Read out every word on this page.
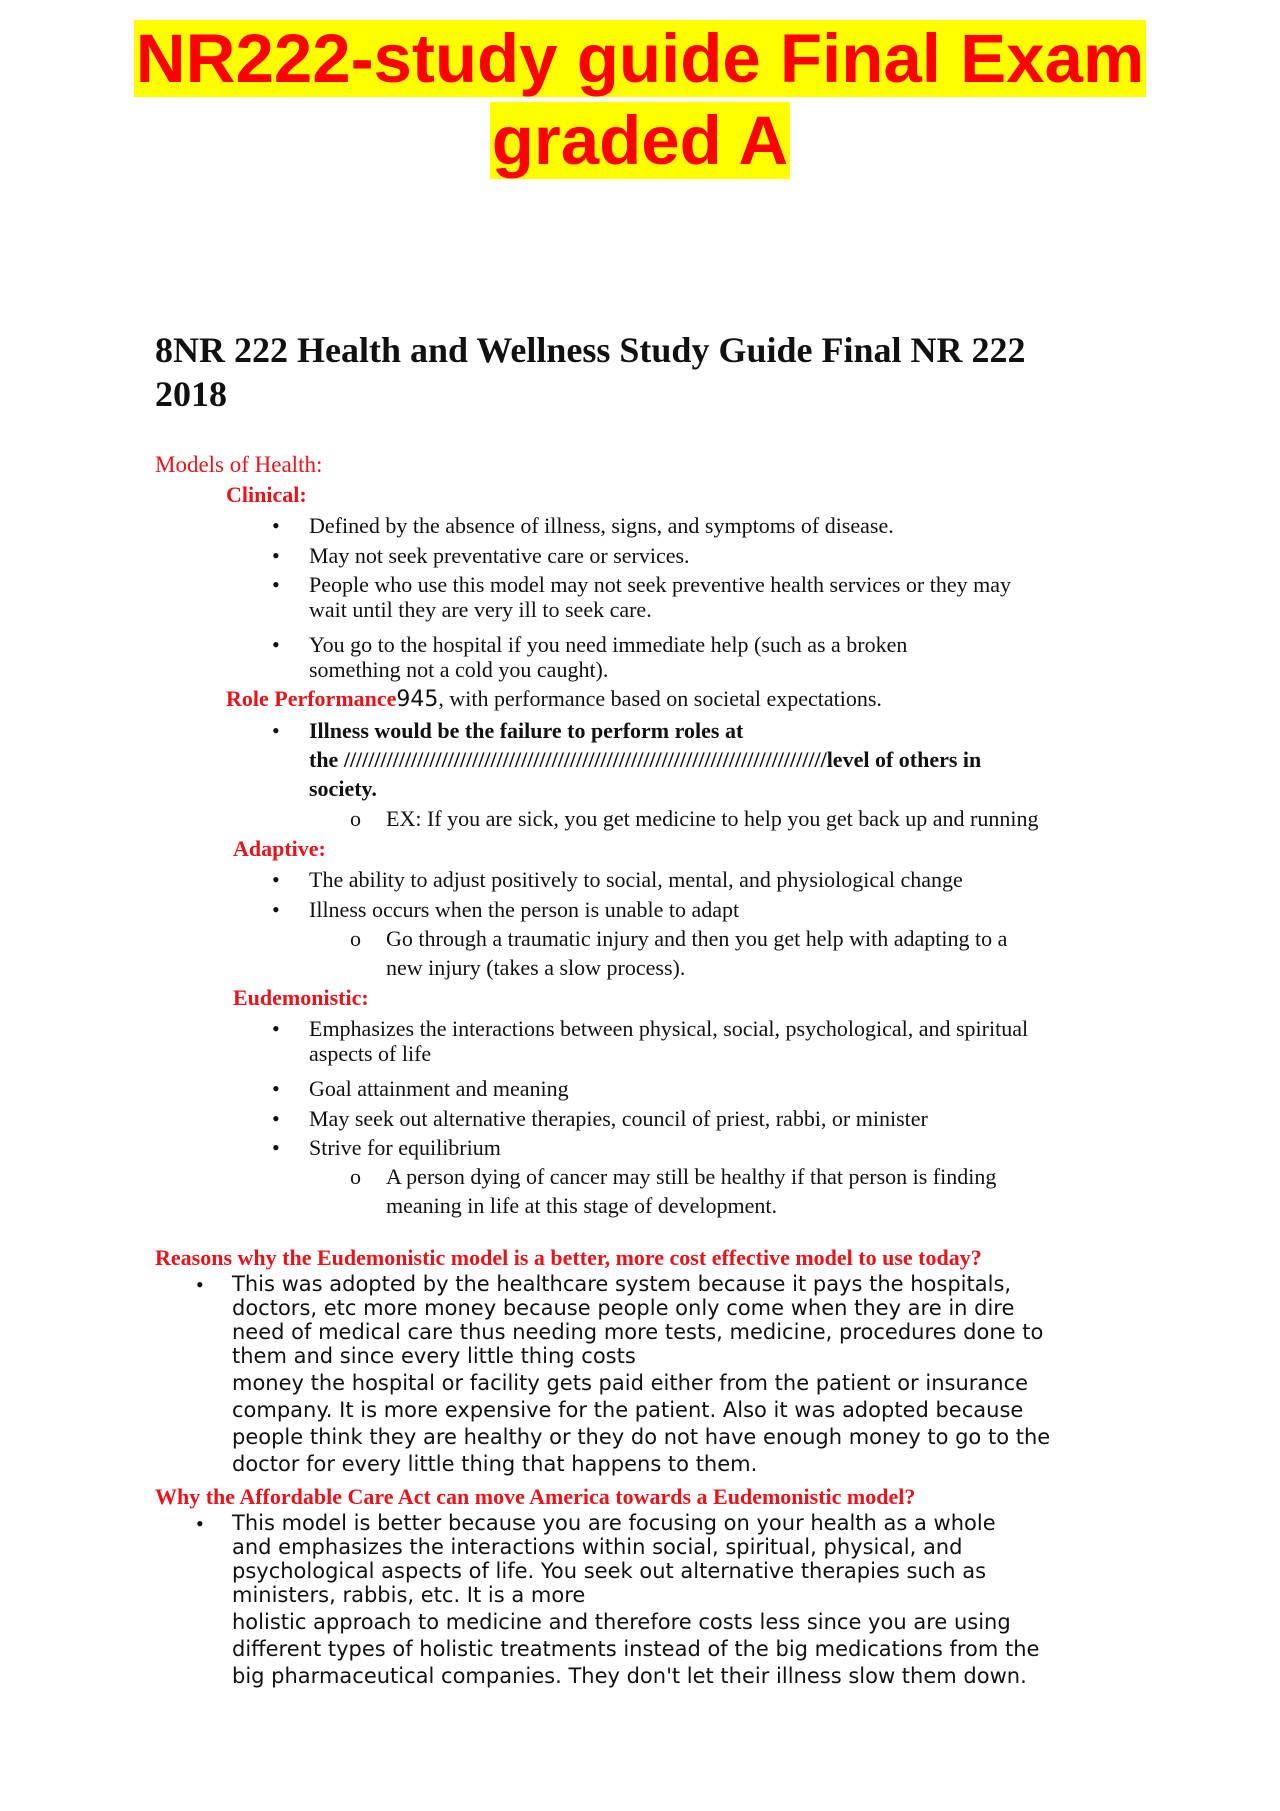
NR222-study guide Final Exam
graded A
8NR 222 Health and Wellness Study Guide Final NR 222
2018
Models of Health:
Clinical:
• Defined by the absence of illness, signs, and symptoms of disease.
• May not seek preventative care or services.
• People who use this model may not seek preventive health services or they may
wait until they are very ill to seek care.
• You go to the hospital if you need immediate help (such as a broken
something not a cold you caught).
Role Performance945, with performance based on societal expectations.
• Illness would be the failure to perform roles at
the ///////////////////////////////////////////////////////////////////////////////level of others in
society.
o EX: If you are sick, you get medicine to help you get back up and running
Adaptive:
• The ability to adjust positively to social, mental, and physiological change
• Illness occurs when the person is unable to adapt
o Go through a traumatic injury and then you get help with adapting to a
new injury (takes a slow process).
Eudemonistic:
• Emphasizes the interactions between physical, social, psychological, and spiritual
aspects of life
• Goal attainment and meaning
• May seek out alternative therapies, council of priest, rabbi, or minister
• Strive for equilibrium
o A person dying of cancer may still be healthy if that person is finding
meaning in life at this stage of development.
Reasons why the Eudemonistic model is a better, more cost effective model to use today?
• This was adopted by the healthcare system because it pays the hospitals,
doctors, etc more money because people only come when they are in dire
need of medical care thus needing more tests, medicine, procedures done to
them and since every little thing costs
money the hospital or facility gets paid either from the patient or insurance
company. It is more expensive for the patient. Also it was adopted because
people think they are healthy or they do not have enough money to go to the
doctor for every little thing that happens to them.
Why the Affordable Care Act can move America towards a Eudemonistic model?
• This model is better because you are focusing on your health as a whole
and emphasizes the interactions within social, spiritual, physical, and
psychological aspects of life. You seek out alternative therapies such as
ministers, rabbis, etc. It is a more
holistic approach to medicine and therefore costs less since you are using
different types of holistic treatments instead of the big medications from the
big pharmaceutical companies. They don't let their illness slow them down.
